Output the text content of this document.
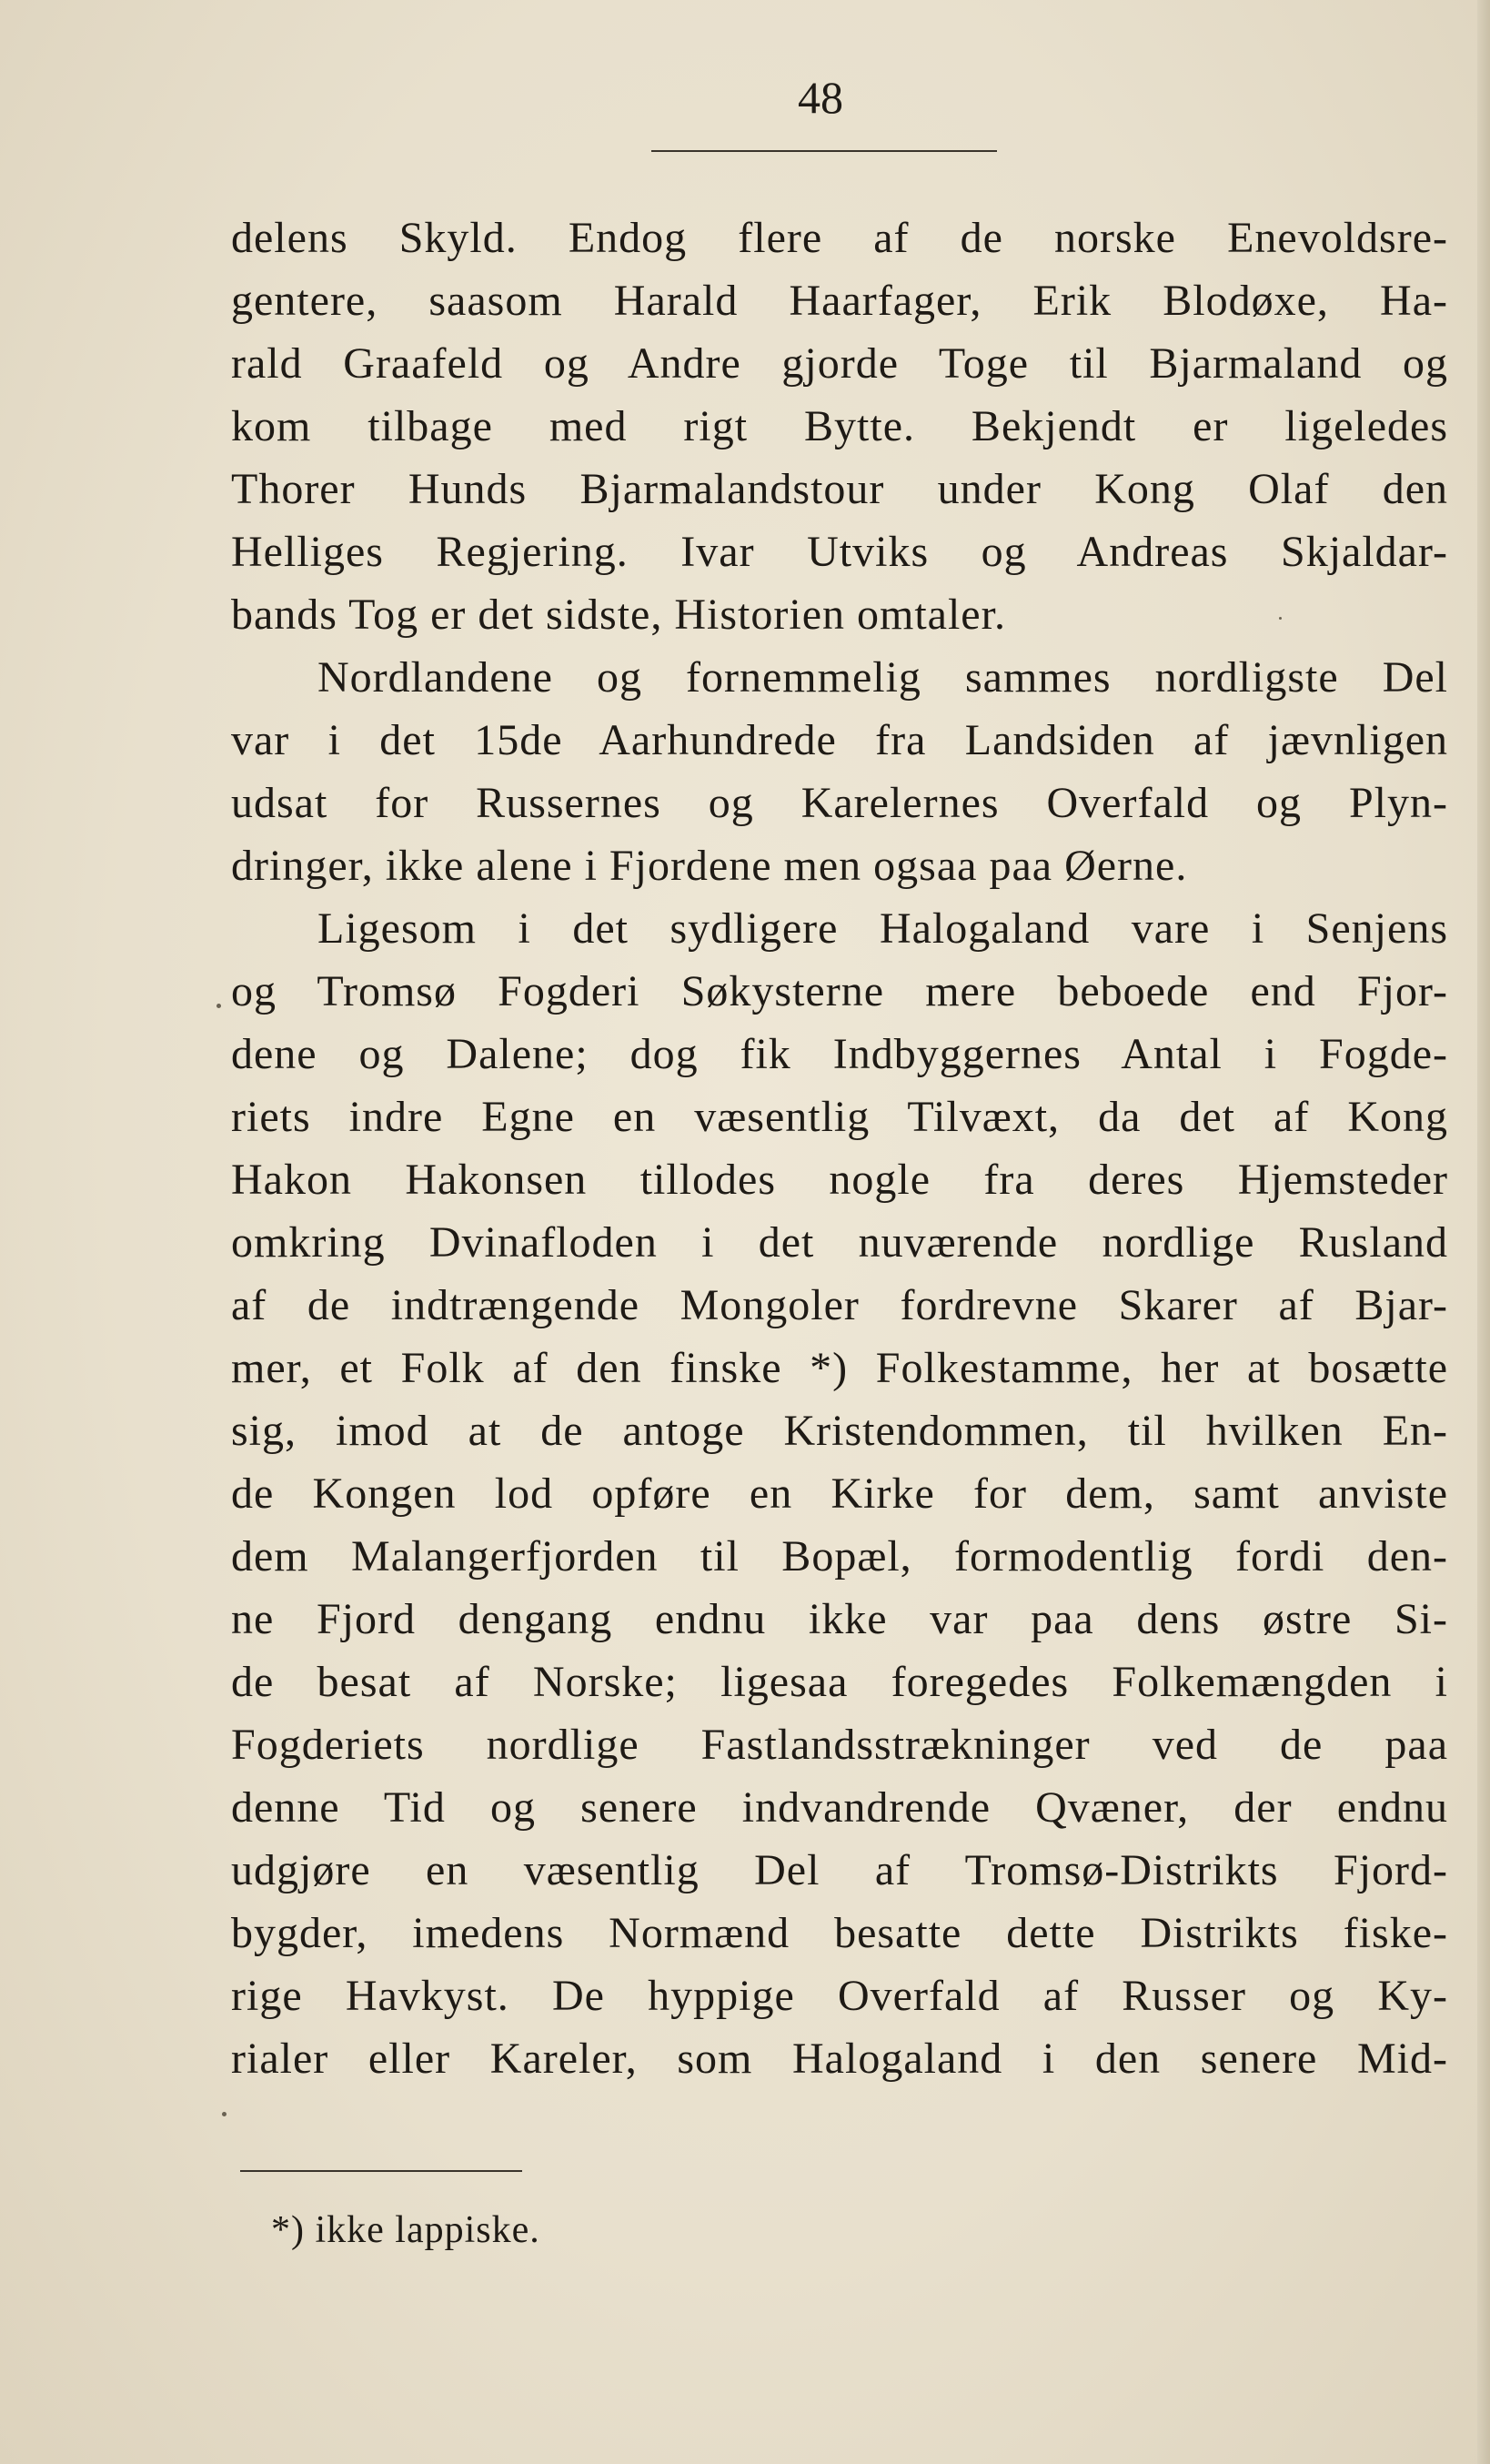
48
delens Skyld. Endog flere af de norske Enevoldsre-
gentere, saasom Harald Haarfager, Erik Blodøxe, Ha-
rald Graafeld og Andre gjorde Toge til Bjarmaland og
kom tilbage med rigt Bytte. Bekjendt er ligeledes
Thorer Hunds Bjarmalandstour under Kong Olaf den
Helliges Regjering. Ivar Utviks og Andreas Skjaldar-
bands Tog er det sidste, Historien omtaler.
Nordlandene og fornemmelig sammes nordligste Del
var i det 15de Aarhundrede fra Landsiden af jævnligen
udsat for Russernes og Karelernes Overfald og Plyn-
dringer, ikke alene i Fjordene men ogsaa paa Øerne.
Ligesom i det sydligere Halogaland vare i Senjens
og Tromsø Fogderi Søkysterne mere beboede end Fjor-
dene og Dalene; dog fik Indbyggernes Antal i Fogde-
riets indre Egne en væsentlig Tilvæxt, da det af Kong
Hakon Hakonsen tillodes nogle fra deres Hjemsteder
omkring Dvinafloden i det nuværende nordlige Rusland
af de indtrængende Mongoler fordrevne Skarer af Bjar-
mer, et Folk af den finske *) Folkestamme, her at bosætte
sig, imod at de antoge Kristendommen, til hvilken En-
de Kongen lod opføre en Kirke for dem, samt anviste
dem Malangerfjorden til Bopæl, formodentlig fordi den-
ne Fjord dengang endnu ikke var paa dens østre Si-
de besat af Norske; ligesaa foregedes Folkemængden i
Fogderiets nordlige Fastlandsstrækninger ved de paa
denne Tid og senere indvandrende Qvæner, der endnu
udgjøre en væsentlig Del af Tromsø-Distrikts Fjord-
bygder, imedens Normænd besatte dette Distrikts fiske-
rige Havkyst. De hyppige Overfald af Russer og Ky-
rialer eller Kareler, som Halogaland i den senere Mid-
*) ikke lappiske.
